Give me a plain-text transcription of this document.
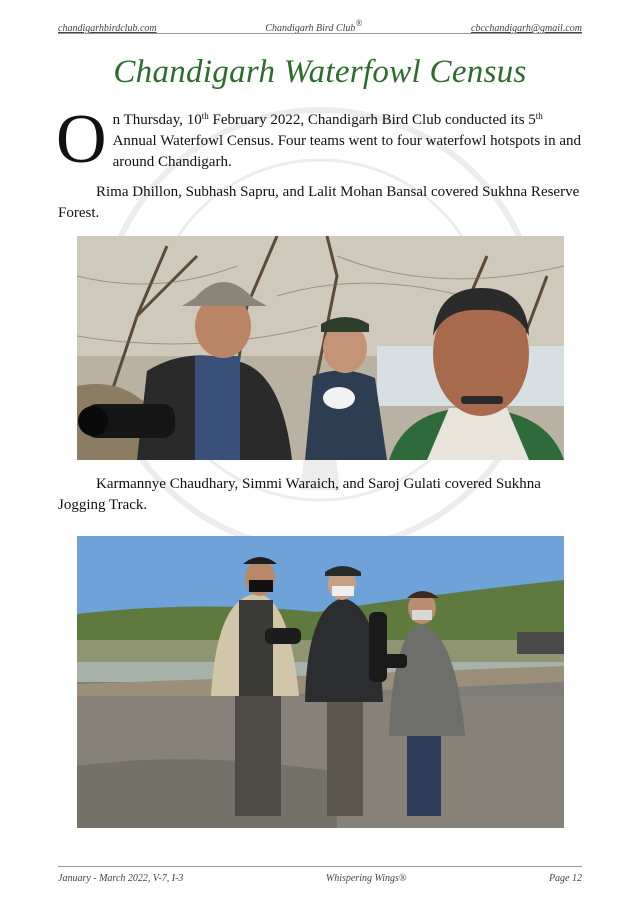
chandigarhbirdclub.com	Chandigarh Bird Club®	cbcchandigarh@gmail.com
Chandigarh Waterfowl Census
On Thursday, 10th February 2022, Chandigarh Bird Club conducted its 5th Annual Waterfowl Census. Four teams went to four waterfowl hotspots in and around Chandigarh.
Rima Dhillon, Subhash Sapru, and Lalit Mohan Bansal covered Sukhna Reserve Forest.
Karmannye Chaudhary, Simmi Waraich, and Saroj Gulati covered Sukhna Jogging Track.
January - March 2022, V-7, I-3	Whispering Wings®	Page 12
